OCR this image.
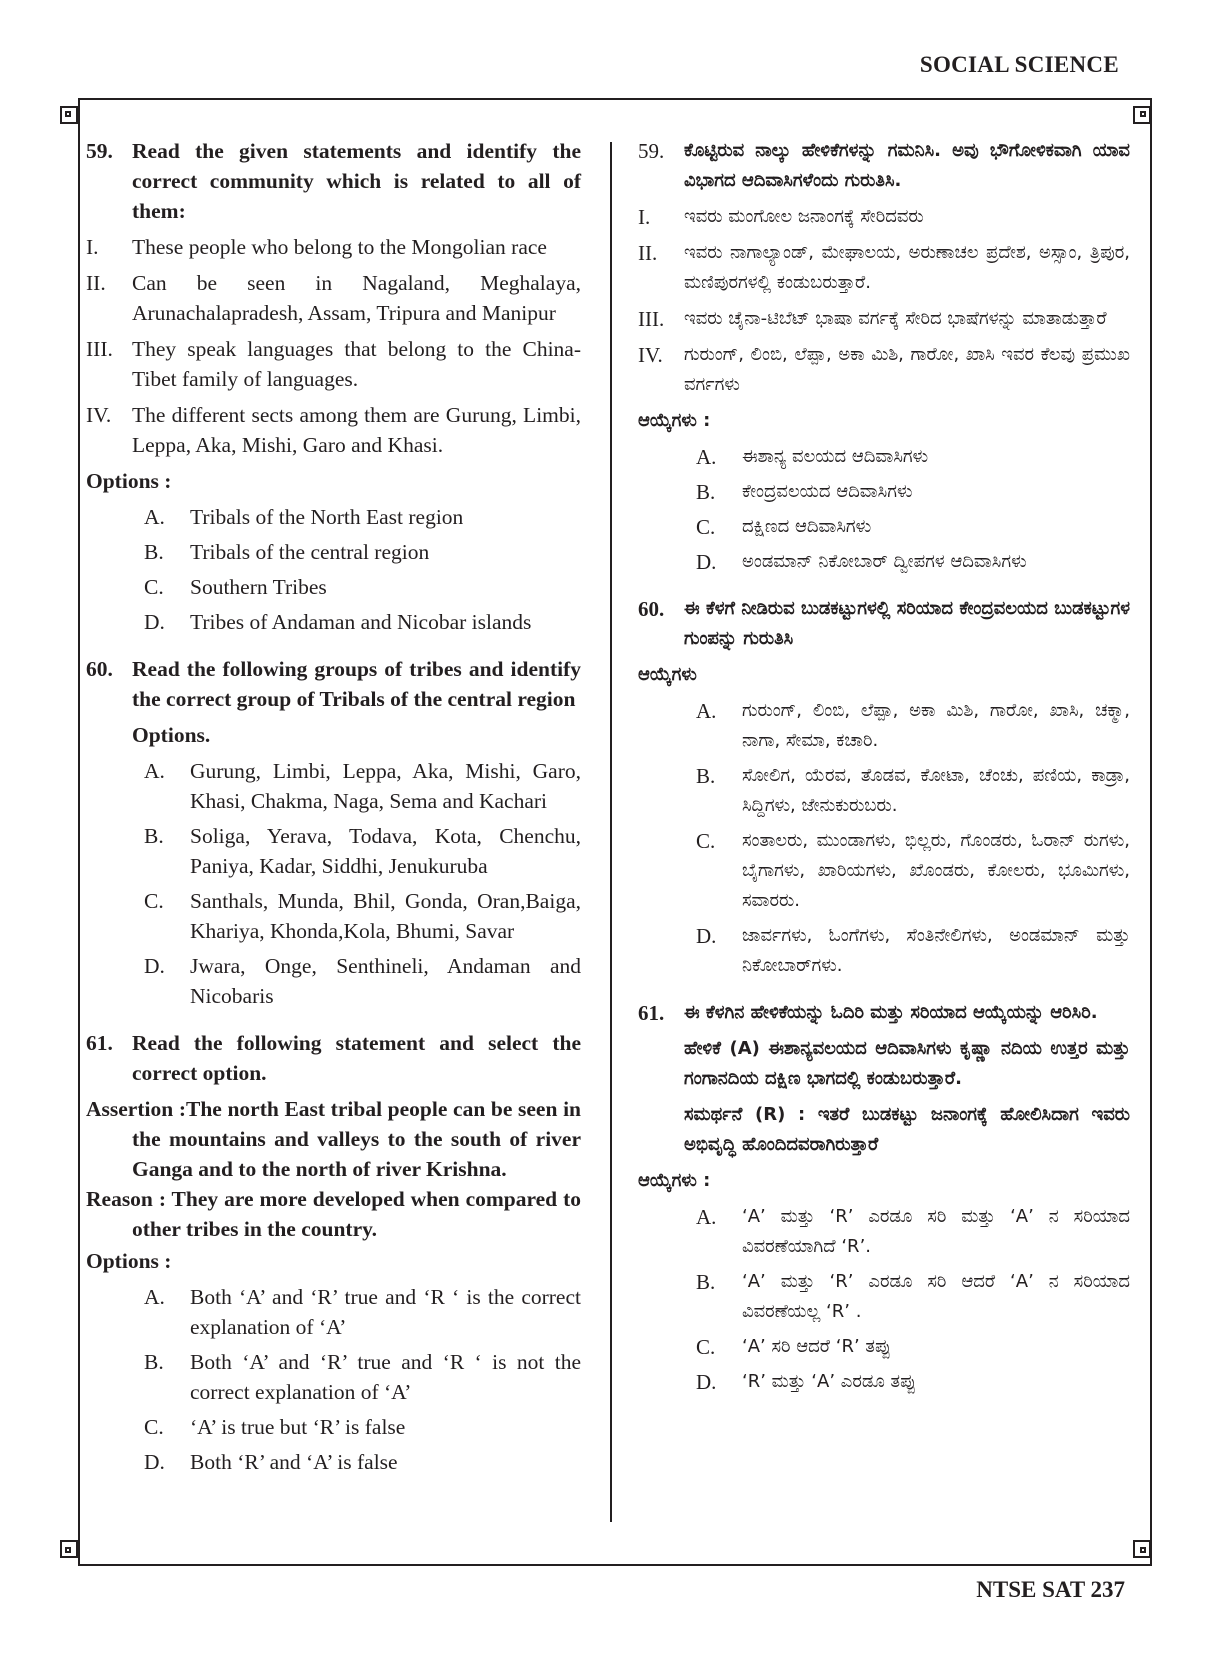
SOCIAL SCIENCE
59. Read the given statements and identify the correct community which is related to all of them:
I.	These people who belong to the Mongolian race
II.	Can be seen in Nagaland, Meghalaya, Arunachalapradesh, Assam, Tripura and Manipur
III. They speak languages that belong to the China-Tibet family of languages.
IV. The different sects among them are Gurung, Limbi, Leppa, Aka, Mishi, Garo and Khasi.
Options :
A.	Tribals of the North East region
B.	Tribals of the central region
C.	Southern Tribes
D.	Tribes of Andaman and Nicobar islands
60. Read the following groups of tribes and identify the correct group of Tribals of the central region
Options.
A.	Gurung, Limbi, Leppa, Aka, Mishi, Garo, Khasi, Chakma, Naga, Sema and Kachari
B.	Soliga, Yerava, Todava, Kota, Chenchu, Paniya, Kadar, Siddhi, Jenukuruba
C.	Santhals, Munda, Bhil, Gonda, Oran,Baiga, Khariya, Khonda,Kola, Bhumi, Savar
D.	Jwara, Onge, Senthineli, Andaman and Nicobaris
61. Read the following statement and select the correct option.
Assertion :The north East tribal people can be seen in the mountains and valleys to the south of river Ganga and to the north of river Krishna.
Reason : They are more developed when compared to other tribes in the country.
Options :
A.	Both ‘A’ and ‘R’ true and ‘R ‘ is the correct explanation of ‘A’
B.	Both ‘A’ and ‘R’ true and ‘R ‘ is not the correct explanation of ‘A’
C.	‘A’ is true but ‘R’ is false
D.	Both ‘R’ and ‘A’ is false
59.	ಕೊಟ್ಟಿರುವ ನಾಲ್ಕು ಹೇಳಿಕೆಗಳನ್ನು ಗಮನಿಸಿ. ಅವು ಭೌಗೋಳಿಕವಾಗಿ ಯಾವ ವಿಭಾಗದ ಆದಿವಾಸಿಗಳೆಂದು ಗುರುತಿಸಿ.
I.	ಇವರು ಮಂಗೋಲ ಜನಾಂಗಕ್ಕೆ ಸೇರಿದವರು
II.	ಇವರು ನಾಗಾಲ್ಯಾಂಡ್, ಮೇಘಾಲಯ, ಅರುಣಾಚಲ ಪ್ರದೇಶ, ಅಸ್ಸಾಂ, ತ್ರಿಪುರ, ಮಣಿಪುರಗಳಲ್ಲಿ ಕಂಡುಬರುತ್ತಾರೆ.
III.	ಇವರು ಚೈನಾ-ಟಿಬೆಟ್ ಭಾಷಾ ವರ್ಗಕ್ಕೆ ಸೇರಿದ ಭಾಷೆಗಳನ್ನು ಮಾತಾಡುತ್ತಾರೆ
IV.	ಗುರುಂಗ್, ಲಿಂಬಿ, ಲೆಪ್ಪಾ, ಅಕಾ ಮಿಶಿ, ಗಾರೋ, ಖಾಸಿ ಇವರ ಕೆಲವು ಪ್ರಮುಖ ವರ್ಗಗಳು
ಆಯ್ಕೆಗಳು :
A.	ಈಶಾನ್ಯ ವಲಯದ ಆದಿವಾಸಿಗಳು
B.	ಕೇಂದ್ರವಲಯದ ಆದಿವಾಸಿಗಳು
C.	ದಕ್ಷಿಣದ ಆದಿವಾಸಿಗಳು
D.	ಅಂಡಮಾನ್ ನಿಕೋಬಾರ್ ದ್ವೀಪಗಳ ಆದಿವಾಸಿಗಳು
60.	ಈ ಕೆಳಗೆ ನೀಡಿರುವ ಬುಡಕಟ್ಟುಗಳಲ್ಲಿ ಸರಿಯಾದ ಕೇಂದ್ರವಲಯದ ಬುಡಕಟ್ಟುಗಳ ಗುಂಪನ್ನು ಗುರುತಿಸಿ
ಆಯ್ಕೆಗಳು
A.	ಗುರುಂಗ್, ಲಿಂಬಿ, ಲೆಪ್ಪಾ, ಅಕಾ ಮಿಶಿ, ಗಾರೋ, ಖಾಸಿ, ಚಕ್ಮಾ, ನಾಗಾ, ಸೇಮಾ, ಕಚಾರಿ.
B.	ಸೋಲಿಗ, ಯೆರವ, ತೊಡವ, ಕೋಟಾ, ಚೆಂಚು, ಪಣಿಯ, ಕಾಡ್ರಾ, ಸಿದ್ದಿಗಳು, ಜೇನುಕುರುಬರು.
C.	ಸಂತಾಲರು, ಮುಂಡಾಗಳು, ಭಿಲ್ಲರು, ಗೊಂಡರು, ಓರಾನ್ ರುಗಳು, ಬೈಗಾಗಳು, ಖಾರಿಯಗಳು, ಖೊಂಡರು, ಕೋಲರು, ಭೂಮಿಗಳು, ಸವಾರರು.
D.	ಜಾರ್ವಗಳು, ಓಂಗೆಗಳು, ಸೆಂತಿನೇಲಿಗಳು, ಅಂಡಮಾನ್ ಮತ್ತು ನಿಕೋಬಾರ್‌ಗಳು.
61.	ಈ ಕೆಳಗಿನ ಹೇಳಿಕೆಯನ್ನು ಓದಿರಿ ಮತ್ತು ಸರಿಯಾದ ಆಯ್ಕೆಯನ್ನು ಆರಿಸಿರಿ.
ಹೇಳಿಕೆ (A) ಈಶಾನ್ಯವಲಯದ ಆದಿವಾಸಿಗಳು ಕೃಷ್ಣಾ ನದಿಯ ಉತ್ತರ ಮತ್ತು ಗಂಗಾನದಿಯ ದಕ್ಷಿಣ ಭಾಗದಲ್ಲಿ ಕಂಡುಬರುತ್ತಾರೆ.
ಸಮರ್ಥನೆ (R) : ಇತರೆ ಬುಡಕಟ್ಟು ಜನಾಂಗಕ್ಕೆ ಹೋಲಿಸಿದಾಗ ಇವರು ಅಭಿವೃದ್ಧಿ ಹೊಂದಿದವರಾಗಿರುತ್ತಾರೆ
ಆಯ್ಕೆಗಳು :
A.	‘A’ ಮತ್ತು ‘R’ ಎರಡೂ ಸರಿ ಮತ್ತು ‘A’ ನ ಸರಿಯಾದ ವಿವರಣೆಯಾಗಿದೆ ‘R’.
B.	‘A’ ಮತ್ತು ‘R’ ಎರಡೂ ಸರಿ ಆದರೆ ‘A’ ನ ಸರಿಯಾದ ವಿವರಣೆಯಲ್ಲ ‘R’ .
C.	‘A’ ಸರಿ ಆದರೆ ‘R’ ತಪ್ಪು
D.	‘R’ ಮತ್ತು ‘A’ ಎರಡೂ ತಪ್ಪು
NTSE SAT 237
